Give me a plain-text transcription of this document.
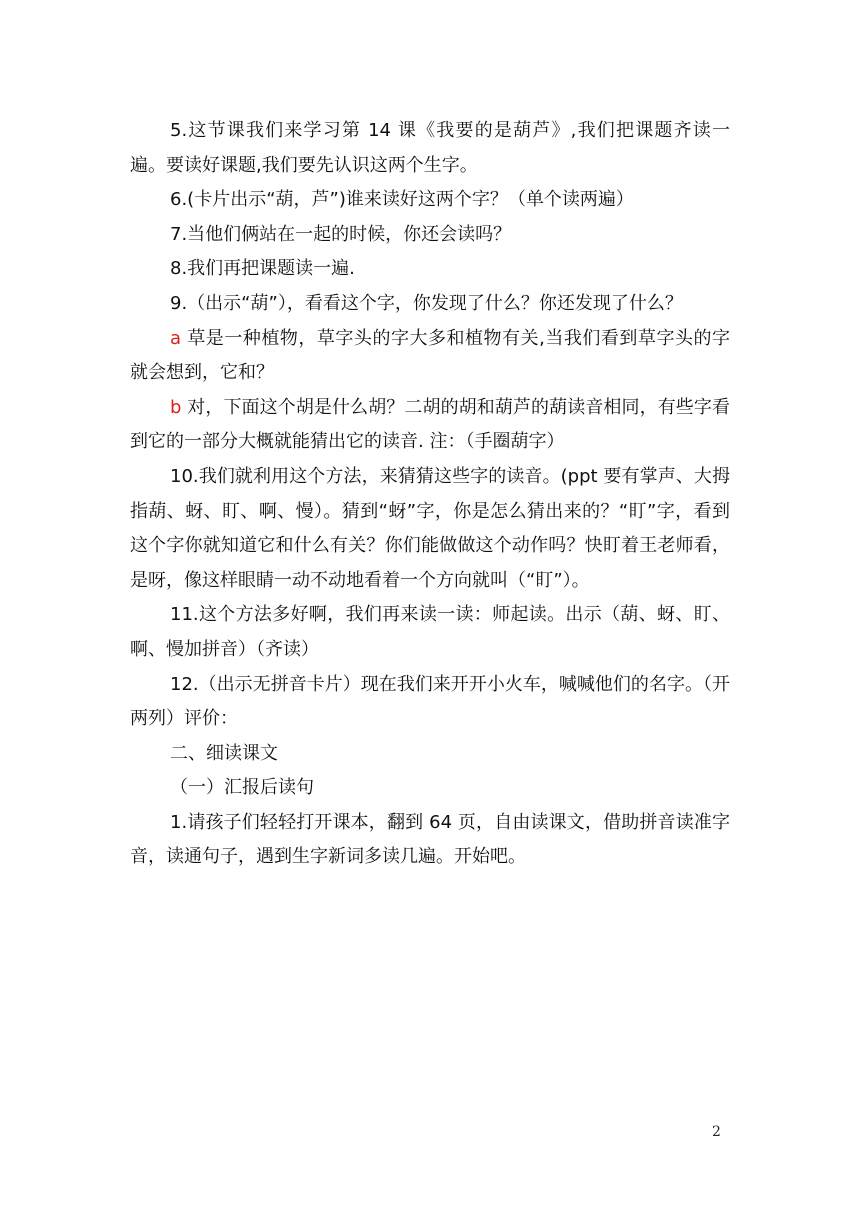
5.这节课我们来学习第 14 课《我要的是葫芦》,我们把课题齐读一遍。要读好课题,我们要先认识这两个生字。

6.(卡片出示“葫，芦”)谁来读好这两个字？（单个读两遍）

7.当他们俩站在一起的时候，你还会读吗？

8.我们再把课题读一遍.

9.（出示“葫”），看看这个字，你发现了什么？你还发现了什么？

a 草是一种植物，草字头的字大多和植物有关,当我们看到草字头的字就会想到，它和？

b 对，下面这个胡是什么胡？二胡的胡和葫芦的葫读音相同，有些字看到它的一部分大概就能猜出它的读音. 注：（手圈葫字）

10.我们就利用这个方法，来猜猜这些字的读音。(ppt 要有掌声、大拇指葫、蚜、盯、啊、慢）。猜到“蚜”字，你是怎么猜出来的？“盯”字，看到这个字你就知道它和什么有关？你们能做做这个动作吗？快盯着王老师看，是呀，像这样眼睛一动不动地看着一个方向就叫（“盯”）。

11.这个方法多好啊，我们再来读一读：师起读。出示（葫、蚜、盯、啊、慢加拼音）（齐读）

12.（出示无拼音卡片）现在我们来开开小火车，喊喊他们的名字。（开两列）评价：

二、细读课文

（一）汇报后读句

1.请孩子们轻轻打开课本，翻到 64 页，自由读课文，借助拼音读准字音，读通句子，遇到生字新词多读几遍。开始吧。

2
